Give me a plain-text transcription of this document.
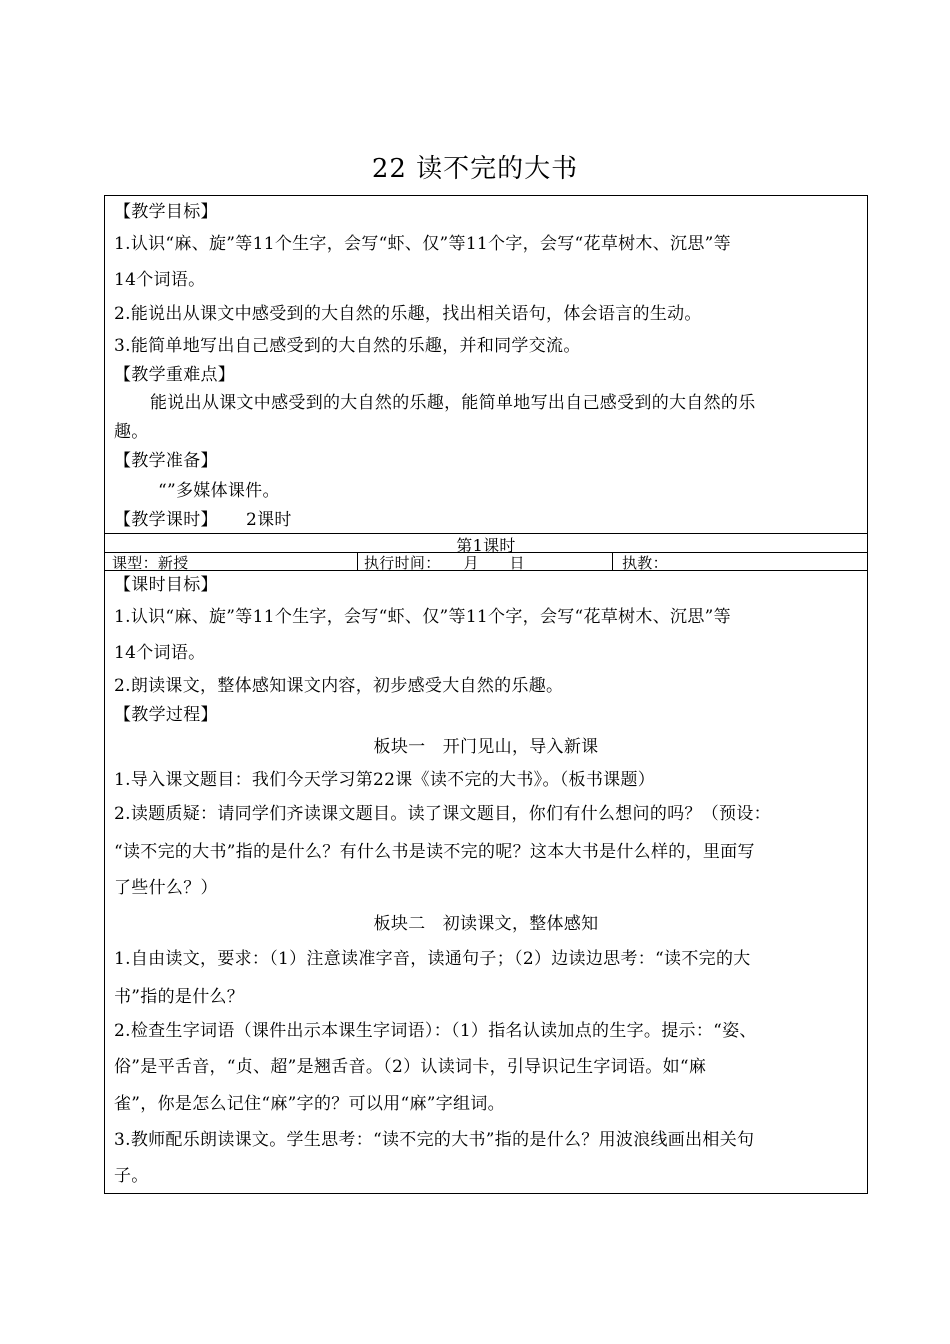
22 读不完的大书
【教学目标】
1.认识“麻、旋”等11个生字，会写“虾、仅”等11个字，会写“花草树木、沉思”等
14个词语。
2.能说出从课文中感受到的大自然的乐趣，找出相关语句，体会语言的生动。
3.能简单地写出自己感受到的大自然的乐趣，并和同学交流。
【教学重难点】
能说出从课文中感受到的大自然的乐趣，能简单地写出自己感受到的大自然的乐
趣。
【教学准备】
“”多媒体课件。
【教学课时】 2课时
第1课时
课型：新授	执行时间：　　月　　日	执教：
【课时目标】
1.认识“麻、旋”等11个生字，会写“虾、仅”等11个字，会写“花草树木、沉思”等
14个词语。
2.朗读课文，整体感知课文内容，初步感受大自然的乐趣。
【教学过程】
板块一　开门见山，导入新课
1.导入课文题目：我们今天学习第22课《读不完的大书》。（板书课题）
2.读题质疑：请同学们齐读课文题目。读了课文题目，你们有什么想问的吗？（预设：
“读不完的大书”指的是什么？有什么书是读不完的呢？这本大书是什么样的，里面写
了些什么？）
板块二　初读课文，整体感知
1.自由读文，要求：（1）注意读准字音，读通句子；（2）边读边思考：“读不完的大
书”指的是什么？
2.检查生字词语（课件出示本课生字词语）：（1）指名认读加点的生字。提示：“姿、
俗”是平舌音，“贞、超”是翘舌音。（2）认读词卡，引导识记生字词语。如“麻
雀”，你是怎么记住“麻”字的？可以用“麻”字组词。
3.教师配乐朗读课文。学生思考：“读不完的大书”指的是什么？用波浪线画出相关句
子。
